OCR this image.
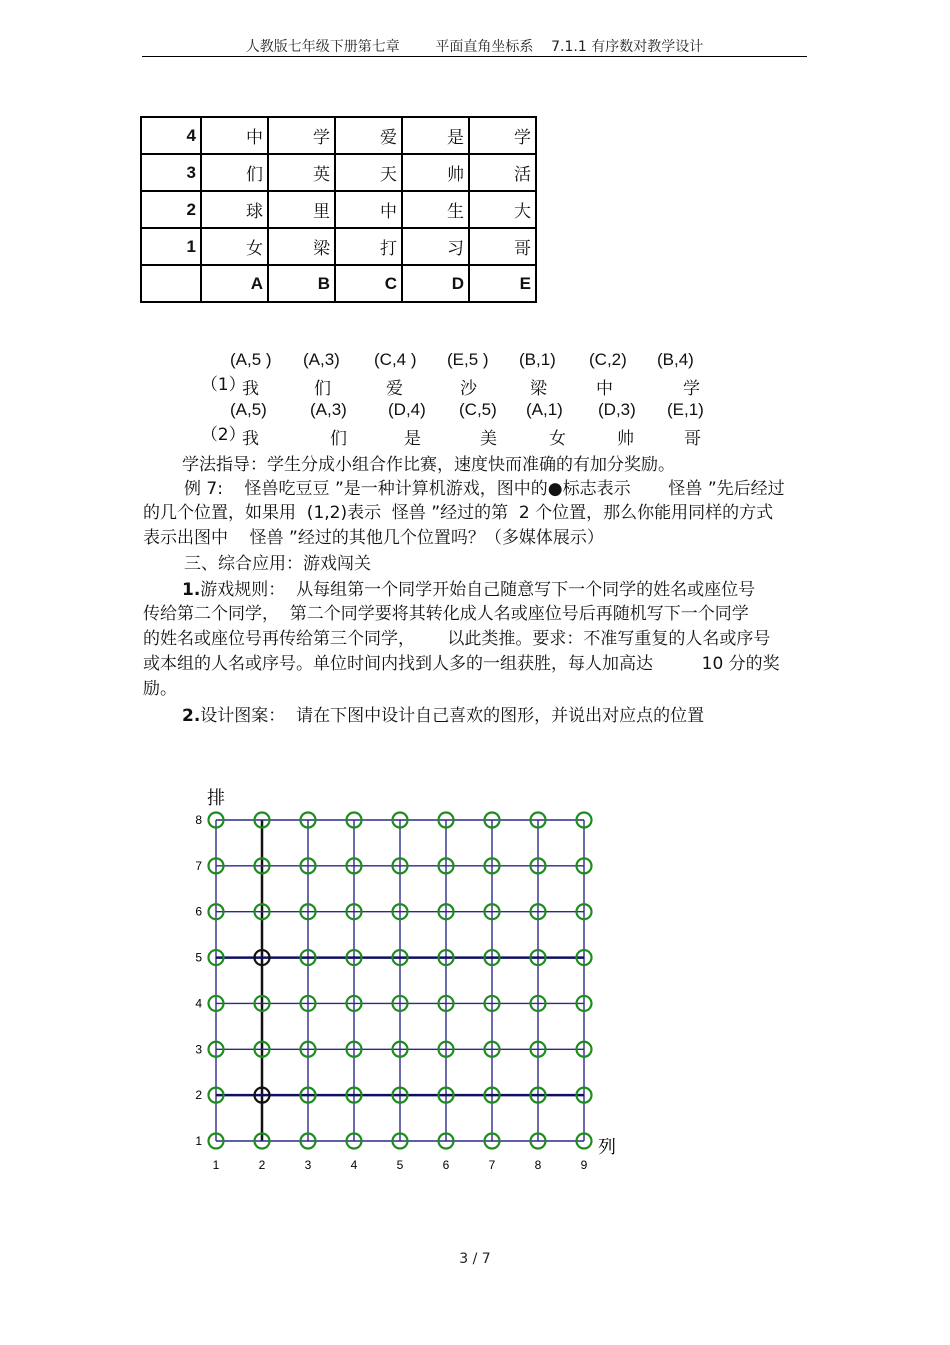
人教版七年级下册第七章        平面直角坐标系    7.1.1 有序数对教学设计
4	中	学	爱	是	学
3	们	英	天	帅	活
2	球	里	中	生	大
1	女	梁	打	习	哥
	A	B	C	D	E

（1）

(A,5 ) (A,3) (C,4 ) (E,5 ) (B,1) (C,2) (B,4)
我	们	爱	沙	梁	中	学

（2）

(A,5)	(A,3) (D,4) (C,5) (A,1) (D,3) (E,1)
我	们	是	美	女	帅	哥
学法指导：学生分成小组合作比赛，速度快而准确的有加分奖励。
例 7:    怪兽吃豆豆 ”是一种计算机游戏，图中的●标志表示       怪兽 ”先后经过
的几个位置，如果用  (1,2)表示  怪兽 ”经过的第  2 个位置，那么你能用同样的方式
表示出图中    怪兽 ”经过的其他几个位置吗？（多媒体展示）
三、综合应用：游戏闯关
1.游戏规则：  从每组第一个同学开始自己随意写下一个同学的姓名或座位号
传给第二个同学，  第二个同学要将其转化成人名或座位号后再随机写下一个同学
的姓名或座位号再传给第三个同学，      以此类推。要求：不准写重复的人名或序号
或本组的人名或序号。单位时间内找到人多的一组获胜，每人加高达         10 分的奖
励。
2.设计图案：  请在下图中设计自己喜欢的图形，并说出对应点的位置
排
列
1	2	3	4	5	6	7	8	9
1
2
3
4
5
6
7
8
3 / 7
